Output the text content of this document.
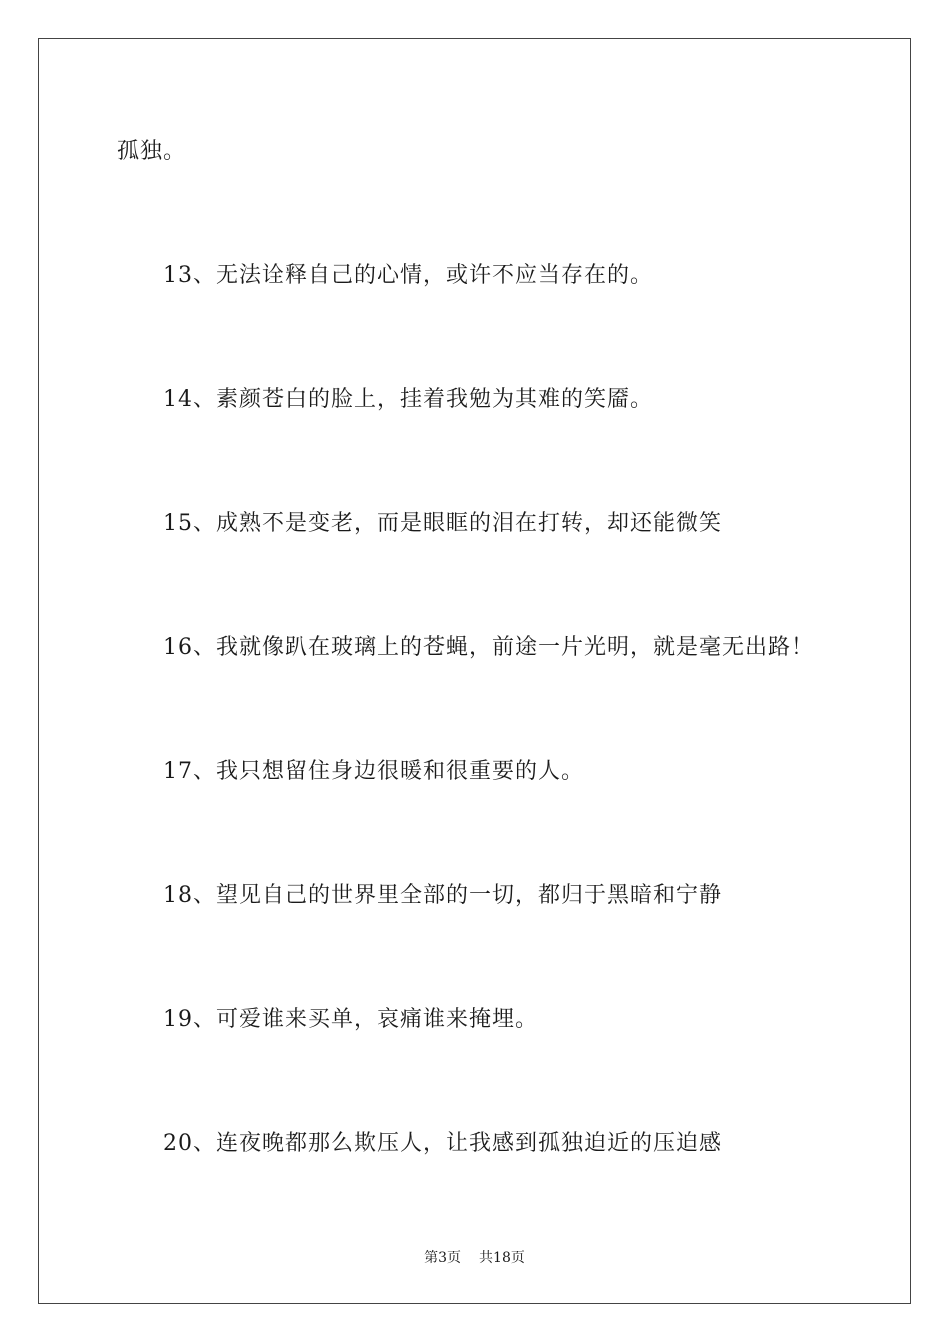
孤独。
13、无法诠释自己的心情，或许不应当存在的。
14、素颜苍白的脸上，挂着我勉为其难的笑靥。
15、成熟不是变老，而是眼眶的泪在打转，却还能微笑
16、我就像趴在玻璃上的苍蝇，前途一片光明，就是毫无出路！
17、我只想留住身边很暖和很重要的人。
18、望见自己的世界里全部的一切，都归于黑暗和宁静
19、可爱谁来买单，哀痛谁来掩埋。
20、连夜晚都那么欺压人，让我感到孤独迫近的压迫感
第3页 共18页
